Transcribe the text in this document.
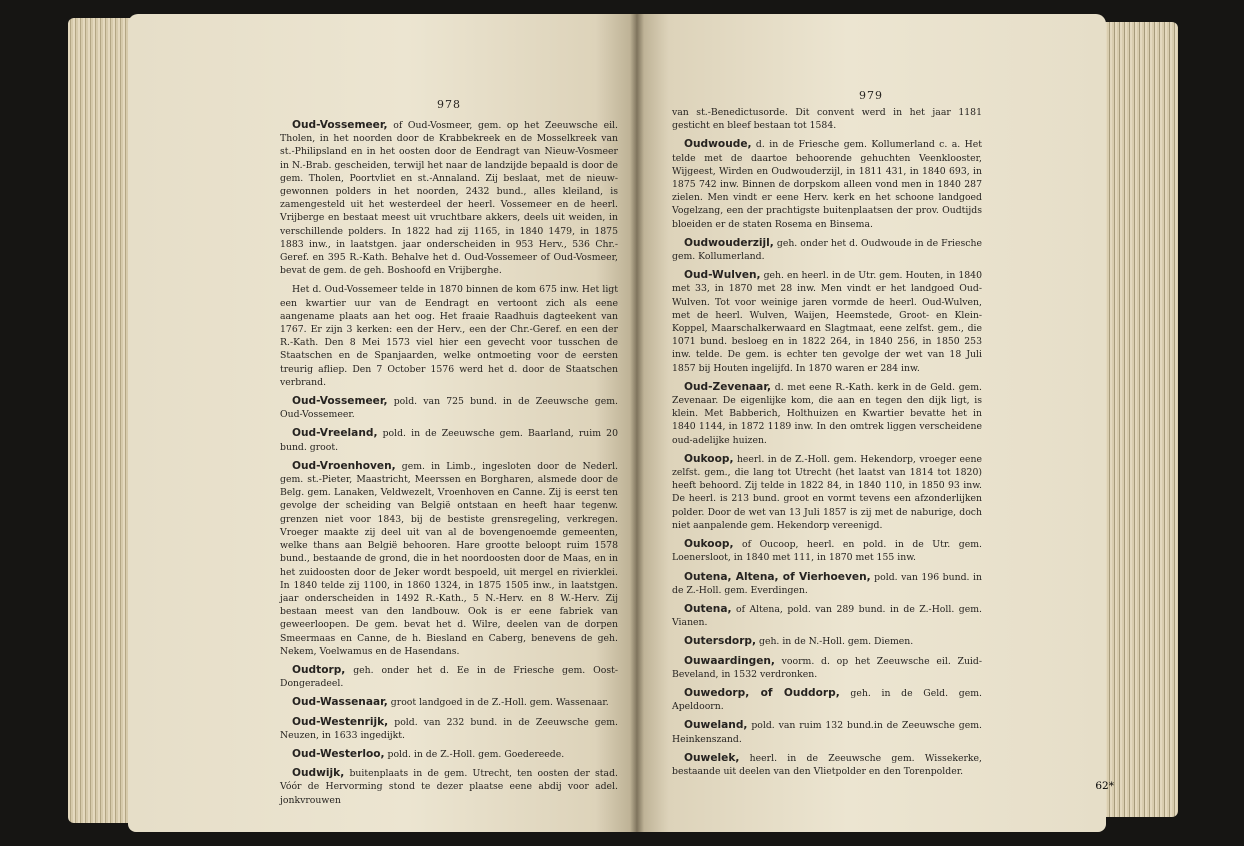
978

Oud-Vossemeer, of Oud-Vosmeer, gem. op het Zeeuwsche eil. Tholen, in het noorden door de Krabbekreek en de Mosselkreek van st.-Philipsland en in het oosten door de Eendragt van Nieuw-Vosmeer in N.-Brab. gescheiden, terwijl het naar de landzijde bepaald is door de gem. Tholen, Poortvliet en st.-Annaland. Zij beslaat, met de nieuw-gewonnen polders in het noorden, 2432 bund., alles kleiland, is zamengesteld uit het westerdeel der heerl. Vossemeer en de heerl. Vrijberge en bestaat meest uit vruchtbare akkers, deels uit weiden, in verschillende polders. In 1822 had zij 1165, in 1840 1479, in 1875 1883 inw., in laatstgen. jaar onderscheiden in 953 Herv., 536 Chr.-Geref. en 395 R.-Kath. Behalve het d. Oud-Vossemeer of Oud-Vosmeer, bevat de gem. de geh. Boshoofd en Vrijberghe.

Het d. Oud-Vossemeer telde in 1870 binnen de kom 675 inw. Het ligt een kwartier uur van de Eendragt en vertoont zich als eene aangename plaats aan het oog. Het fraaie Raadhuis dagteekent van 1767. Er zijn 3 kerken: een der Herv., een der Chr.-Geref. en een der R.-Kath. Den 8 Mei 1573 viel hier een gevecht voor tusschen de Staatschen en de Spanjaarden, welke ontmoeting voor de eersten treurig afliep. Den 7 October 1576 werd het d. door de Staatschen verbrand.

Oud-Vossemeer, pold. van 725 bund. in de Zeeuwsche gem. Oud-Vossemeer.

Oud-Vreeland, pold. in de Zeeuwsche gem. Baarland, ruim 20 bund. groot.

Oud-Vroenhoven, gem. in Limb., ingesloten door de Nederl. gem. st.-Pieter, Maastricht, Meerssen en Borgharen, alsmede door de Belg. gem. Lanaken, Veldwezelt, Vroenhoven en Canne. Zij is eerst ten gevolge der scheiding van België ontstaan en heeft haar tegenw. grenzen niet voor 1843, bij de bestiste grensregeling, verkregen. Vroeger maakte zij deel uit van al de bovengenoemde gemeenten, welke thans aan België behooren. Hare grootte beloopt ruim 1578 bund., bestaande de grond, die in het noordoosten door de Maas, en in het zuidoosten door de Jeker wordt bespoeld, uit mergel en rivierklei. In 1840 telde zij 1100, in 1860 1324, in 1875 1505 inw., in laatstgen. jaar onderscheiden in 1492 R.-Kath., 5 N.-Herv. en 8 W.-Herv. Zij bestaan meest van den landbouw. Ook is er eene fabriek van geweerloopen. De gem. bevat het d. Wilre, deelen van de dorpen Smeermaas en Canne, de h. Biesland en Caberg, benevens de geh. Nekem, Voelwamus en de Hasendans.

Oudtorp, geh. onder het d. Ee in de Friesche gem. Oost-Dongeradeel.

Oud-Wassenaar, groot landgoed in de Z.-Holl. gem. Wassenaar.

Oud-Westenrijk, pold. van 232 bund. in de Zeeuwsche gem. Neuzen, in 1633 ingedijkt.

Oud-Westerloo, pold. in de Z.-Holl. gem. Goedereede.

Oudwijk, buitenplaats in de gem. Utrecht, ten oosten der stad. Vóór de Hervorming stond te dezer plaatse eene abdij voor adel. jonkvrouwen

979

van st.-Benedictusorde. Dit convent werd in het jaar 1181 gesticht en bleef bestaan tot 1584.

Oudwoude, d. in de Friesche gem. Kollumerland c. a. Het telde met de daartoe behoorende gehuchten Veenklooster, Wijgeest, Wirden en Oudwouderzijl, in 1811 431, in 1840 693, in 1875 742 inw. Binnen de dorpskom alleen vond men in 1840 287 zielen. Men vindt er eene Herv. kerk en het schoone landgoed Vogelzang, een der prachtigste buitenplaatsen der prov. Oudtijds bloeiden er de staten Rosema en Binsema.

Oudwouderzijl, geh. onder het d. Oudwoude in de Friesche gem. Kollumerland.

Oud-Wulven, geh. en heerl. in de Utr. gem. Houten, in 1840 met 33, in 1870 met 28 inw. Men vindt er het landgoed Oud-Wulven. Tot voor weinige jaren vormde de heerl. Oud-Wulven, met de heerl. Wulven, Waijen, Heemstede, Groot- en Klein-Koppel, Maarschalkerwaard en Slagtmaat, eene zelfst. gem., die 1071 bund. besloeg en in 1822 264, in 1840 256, in 1850 253 inw. telde. De gem. is echter ten gevolge der wet van 18 Juli 1857 bij Houten ingelijfd. In 1870 waren er 284 inw.

Oud-Zevenaar, d. met eene R.-Kath. kerk in de Geld. gem. Zevenaar. De eigenlijke kom, die aan en tegen den dijk ligt, is klein. Met Babberich, Holthuizen en Kwartier bevatte het in 1840 1144, in 1872 1189 inw. In den omtrek liggen verscheidene oud-adelijke huizen.

Oukoop, heerl. in de Z.-Holl. gem. Hekendorp, vroeger eene zelfst. gem., die lang tot Utrecht (het laatst van 1814 tot 1820) heeft behoord. Zij telde in 1822 84, in 1840 110, in 1850 93 inw. De heerl. is 213 bund. groot en vormt tevens een afzonderlijken polder. Door de wet van 13 Juli 1857 is zij met de naburige, doch niet aanpalende gem. Hekendorp vereenigd.

Oukoop, of Oucoop, heerl. en pold. in de Utr. gem. Loenersloot, in 1840 met 111, in 1870 met 155 inw.

Outena, Altena, of Vierhoeven, pold. van 196 bund. in de Z.-Holl. gem. Everdingen.

Outena, of Altena, pold. van 289 bund. in de Z.-Holl. gem. Vianen.

Outersdorp, geh. in de N.-Holl. gem. Diemen.

Ouwaardingen, voorm. d. op het Zeeuwsche eil. Zuid-Beveland, in 1532 verdronken.

Ouwedorp, of Ouddorp, geh. in de Geld. gem. Apeldoorn.

Ouweland, pold. van ruim 132 bund.in de Zeeuwsche gem. Heinkenszand.

Ouwelek, heerl. in de Zeeuwsche gem. Wissekerke, bestaande uit deelen van den Vlietpolder en den Torenpolder.

62*
